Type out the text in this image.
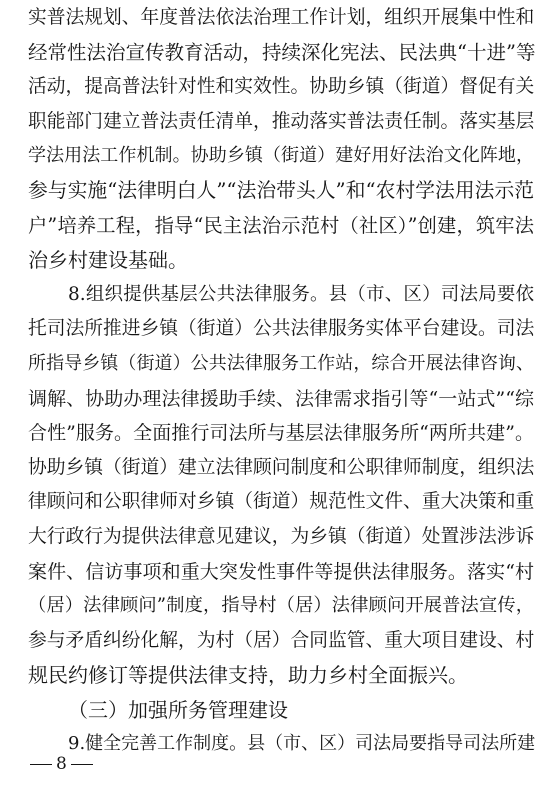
实普法规划、年度普法依法治理工作计划，组织开展集中性和
经常性法治宣传教育活动，持续深化宪法、民法典“十进”等
活动，提高普法针对性和实效性。协助乡镇（街道）督促有关
职能部门建立普法责任清单，推动落实普法责任制。落实基层
学法用法工作机制。协助乡镇（街道）建好用好法治文化阵地，
参与实施“法律明白人”“法治带头人”和“农村学法用法示范
户”培养工程，指导“民主法治示范村（社区）”创建，筑牢法
治乡村建设基础。
8.组织提供基层公共法律服务。县（市、区）司法局要依
托司法所推进乡镇（街道）公共法律服务实体平台建设。司法
所指导乡镇（街道）公共法律服务工作站，综合开展法律咨询、
调解、协助办理法律援助手续、法律需求指引等“一站式”“综
合性”服务。全面推行司法所与基层法律服务所“两所共建”。
协助乡镇（街道）建立法律顾问制度和公职律师制度，组织法
律顾问和公职律师对乡镇（街道）规范性文件、重大决策和重
大行政行为提供法律意见建议，为乡镇（街道）处置涉法涉诉
案件、信访事项和重大突发性事件等提供法律服务。落实“村
（居）法律顾问”制度，指导村（居）法律顾问开展普法宣传，
参与矛盾纠纷化解，为村（居）合同监管、重大项目建设、村
规民约修订等提供法律支持，助力乡村全面振兴。
（三）加强所务管理建设
9.健全完善工作制度。县（市、区）司法局要指导司法所建
8
